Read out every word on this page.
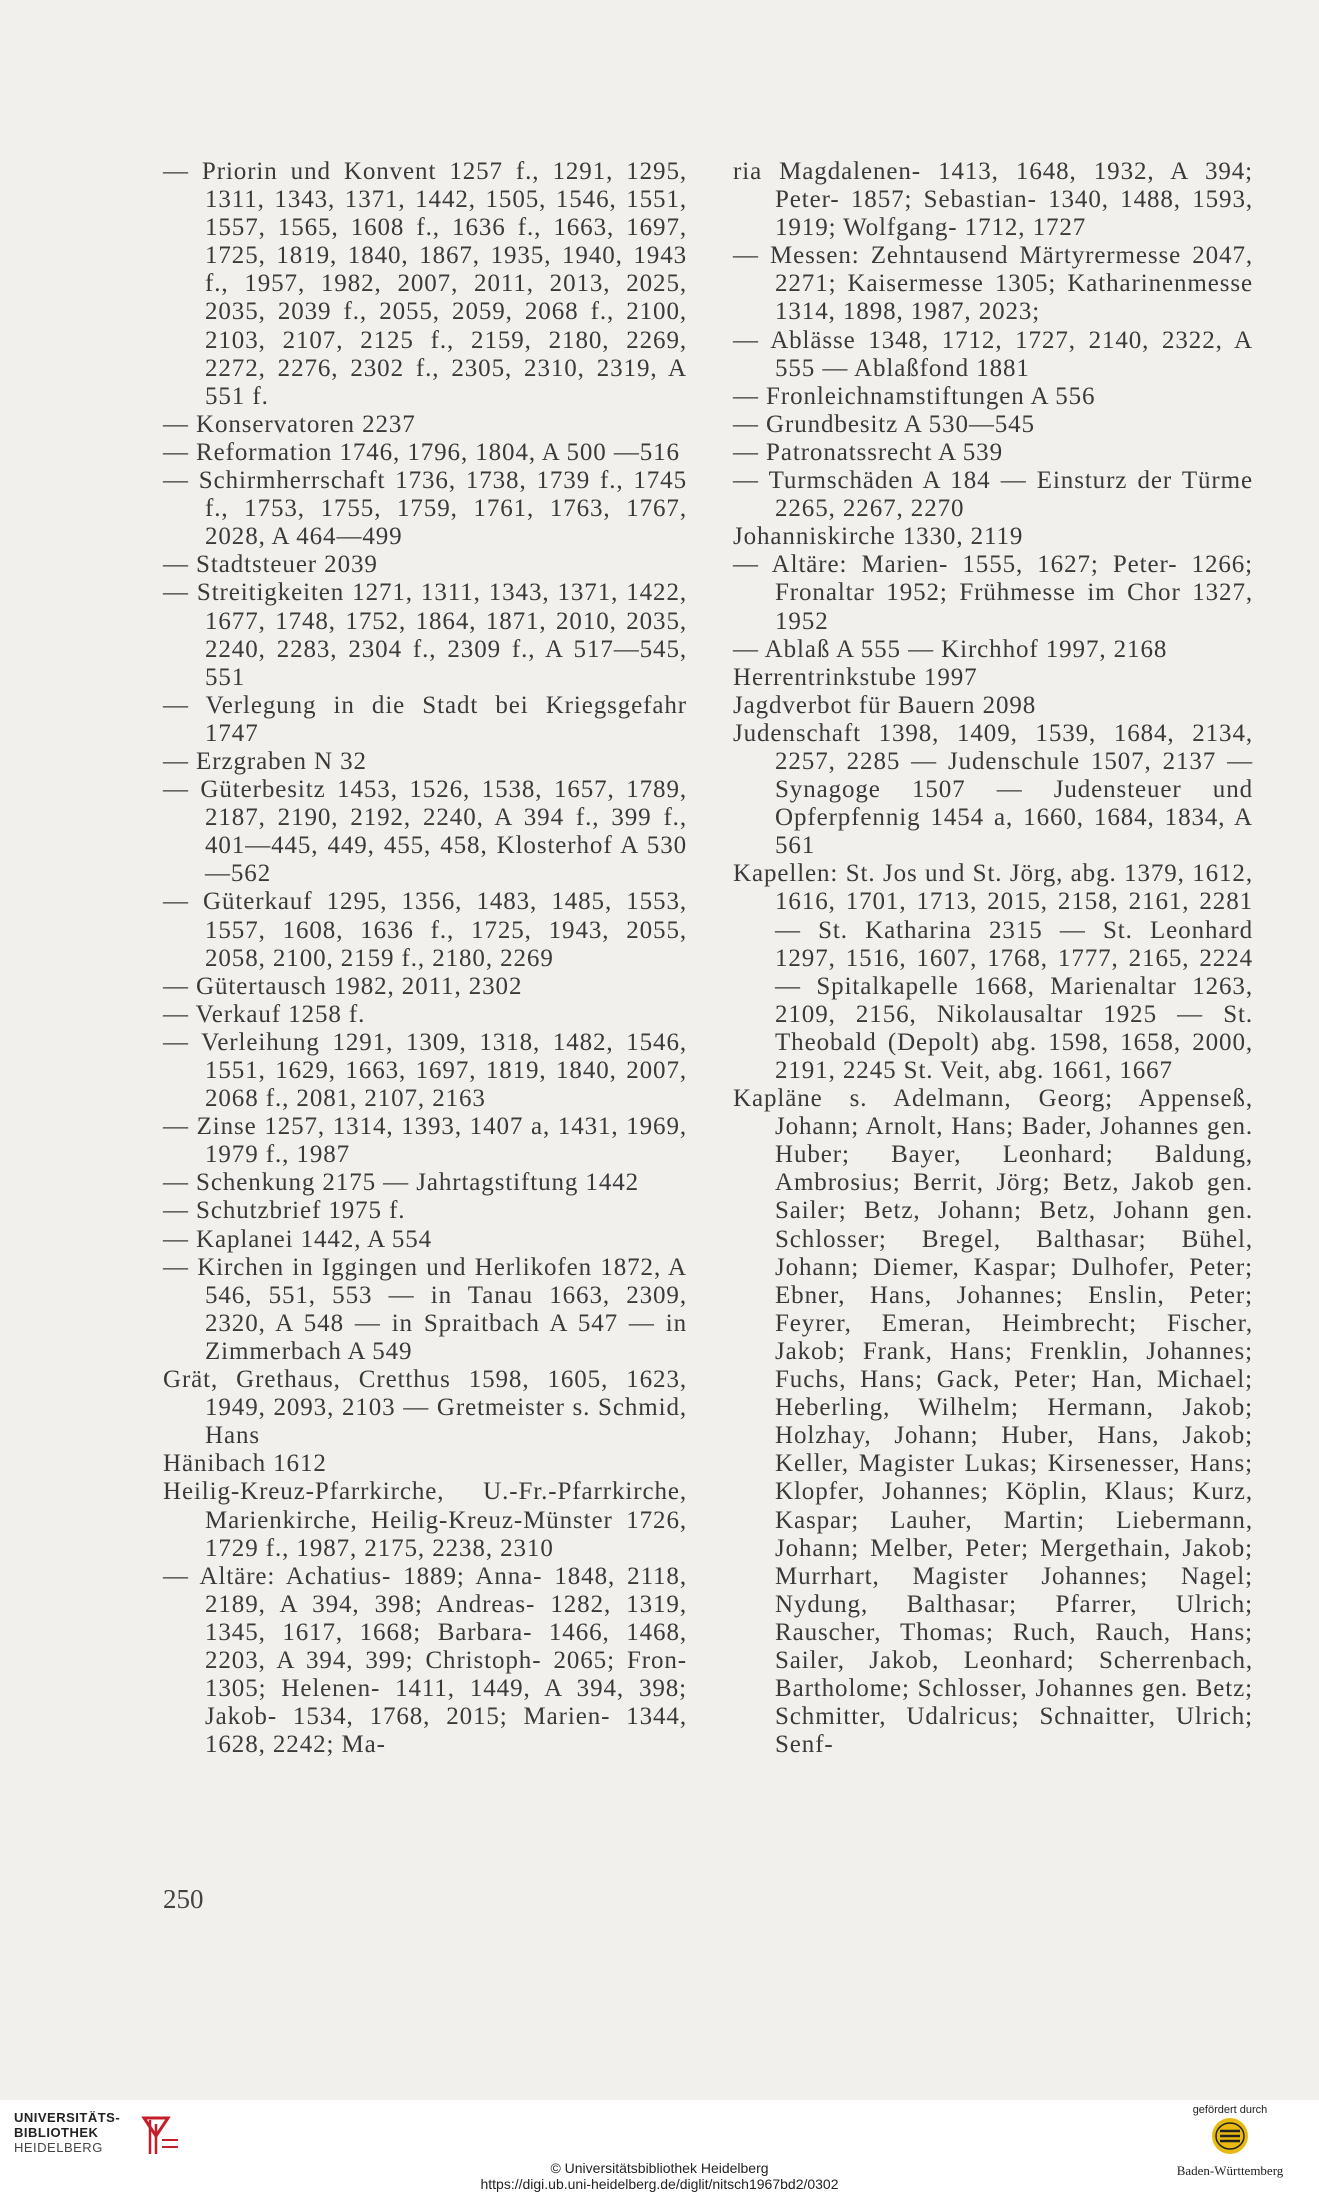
— Priorin und Konvent 1257 f., 1291, 1295, 1311, 1343, 1371, 1442, 1505, 1546, 1551, 1557, 1565, 1608 f., 1636 f., 1663, 1697, 1725, 1819, 1840, 1867, 1935, 1940, 1943 f., 1957, 1982, 2007, 2011, 2013, 2025, 2035, 2039 f., 2055, 2059, 2068 f., 2100, 2103, 2107, 2125 f., 2159, 2180, 2269, 2272, 2276, 2302 f., 2305, 2310, 2319, A 551 f.

— Konservatoren 2237

— Reformation 1746, 1796, 1804, A 500 —516

— Schirmherrschaft 1736, 1738, 1739 f., 1745 f., 1753, 1755, 1759, 1761, 1763, 1767, 2028, A 464—499

— Stadtsteuer 2039

— Streitigkeiten 1271, 1311, 1343, 1371, 1422, 1677, 1748, 1752, 1864, 1871, 2010, 2035, 2240, 2283, 2304 f., 2309 f., A 517—545, 551

— Verlegung in die Stadt bei Kriegsgefahr 1747

— Erzgraben N 32

— Güterbesitz 1453, 1526, 1538, 1657, 1789, 2187, 2190, 2192, 2240, A 394 f., 399 f., 401—445, 449, 455, 458, Klosterhof A 530—562

— Güterkauf 1295, 1356, 1483, 1485, 1553, 1557, 1608, 1636 f., 1725, 1943, 2055, 2058, 2100, 2159 f., 2180, 2269

— Gütertausch 1982, 2011, 2302

— Verkauf 1258 f.

— Verleihung 1291, 1309, 1318, 1482, 1546, 1551, 1629, 1663, 1697, 1819, 1840, 2007, 2068 f., 2081, 2107, 2163

— Zinse 1257, 1314, 1393, 1407 a, 1431, 1969, 1979 f., 1987

— Schenkung 2175 — Jahrtagstiftung 1442

— Schutzbrief 1975 f.

— Kaplanei 1442, A 554

— Kirchen in Iggingen und Herlikofen 1872, A 546, 551, 553 — in Tanau 1663, 2309, 2320, A 548 — in Spraitbach A 547 — in Zimmerbach A 549

Grät, Grethaus, Cretthus 1598, 1605, 1623, 1949, 2093, 2103 — Gretmeister s. Schmid, Hans

Hänibach 1612

Heilig-Kreuz-Pfarrkirche, U.-Fr.-Pfarrkirche, Marienkirche, Heilig-Kreuz-Münster 1726, 1729 f., 1987, 2175, 2238, 2310

— Altäre: Achatius- 1889; Anna- 1848, 2118, 2189, A 394, 398; Andreas- 1282, 1319, 1345, 1617, 1668; Barbara- 1466, 1468, 2203, A 394, 399; Christoph- 2065; Fron- 1305; Helenen- 1411, 1449, A 394, 398; Jakob- 1534, 1768, 2015; Marien- 1344, 1628, 2242; Ma-

ria Magdalenen- 1413, 1648, 1932, A 394; Peter- 1857; Sebastian- 1340, 1488, 1593, 1919; Wolfgang- 1712, 1727

— Messen: Zehntausend Märtyrermesse 2047, 2271; Kaisermesse 1305; Katharinenmesse 1314, 1898, 1987, 2023;

— Ablässe 1348, 1712, 1727, 2140, 2322, A 555 — Ablaßfond 1881

— Fronleichnamstiftungen A 556

— Grundbesitz A 530—545

— Patronatssrecht A 539

— Turmschäden A 184 — Einsturz der Türme 2265, 2267, 2270

Johanniskirche 1330, 2119

— Altäre: Marien- 1555, 1627; Peter- 1266; Fronaltar 1952; Frühmesse im Chor 1327, 1952

— Ablaß A 555 — Kirchhof 1997, 2168

Herrentrinkstube 1997

Jagdverbot für Bauern 2098

Judenschaft 1398, 1409, 1539, 1684, 2134, 2257, 2285 — Judenschule 1507, 2137 — Synagoge 1507 — Judensteuer und Opferpfennig 1454 a, 1660, 1684, 1834, A 561

Kapellen: St. Jos und St. Jörg, abg. 1379, 1612, 1616, 1701, 1713, 2015, 2158, 2161, 2281 — St. Katharina 2315 — St. Leonhard 1297, 1516, 1607, 1768, 1777, 2165, 2224 — Spitalkapelle 1668, Marienaltar 1263, 2109, 2156, Nikolausaltar 1925 — St. Theobald (Depolt) abg. 1598, 1658, 2000, 2191, 2245 St. Veit, abg. 1661, 1667

Kapläne s. Adelmann, Georg; Appenseß, Johann; Arnolt, Hans; Bader, Johannes gen. Huber; Bayer, Leonhard; Baldung, Ambrosius; Berrit, Jörg; Betz, Jakob gen. Sailer; Betz, Johann; Betz, Johann gen. Schlosser; Bregel, Balthasar; Bühel, Johann; Diemer, Kaspar; Dulhofer, Peter; Ebner, Hans, Johannes; Enslin, Peter; Feyrer, Emeran, Heimbrecht; Fischer, Jakob; Frank, Hans; Frenklin, Johannes; Fuchs, Hans; Gack, Peter; Han, Michael; Heberling, Wilhelm; Hermann, Jakob; Holzhay, Johann; Huber, Hans, Jakob; Keller, Magister Lukas; Kirsenesser, Hans; Klopfer, Johannes; Köplin, Klaus; Kurz, Kaspar; Lauher, Martin; Liebermann, Johann; Melber, Peter; Mergethain, Jakob; Murrhart, Magister Johannes; Nagel; Nydung, Balthasar; Pfarrer, Ulrich; Rauscher, Thomas; Ruch, Rauch, Hans; Sailer, Jakob, Leonhard; Scherrenbach, Bartholome; Schlosser, Johannes gen. Betz; Schmitter, Udalricus; Schnaitter, Ulrich; Senf-

250
UNIVERSITÄTS-
BIBLIOTHEK
HEIDELBERG
© Universitätsbibliothek Heidelberg
https://digi.ub.uni-heidelberg.de/diglit/nitsch1967bd2/0302
gefördert durch
Baden-Württemberg
